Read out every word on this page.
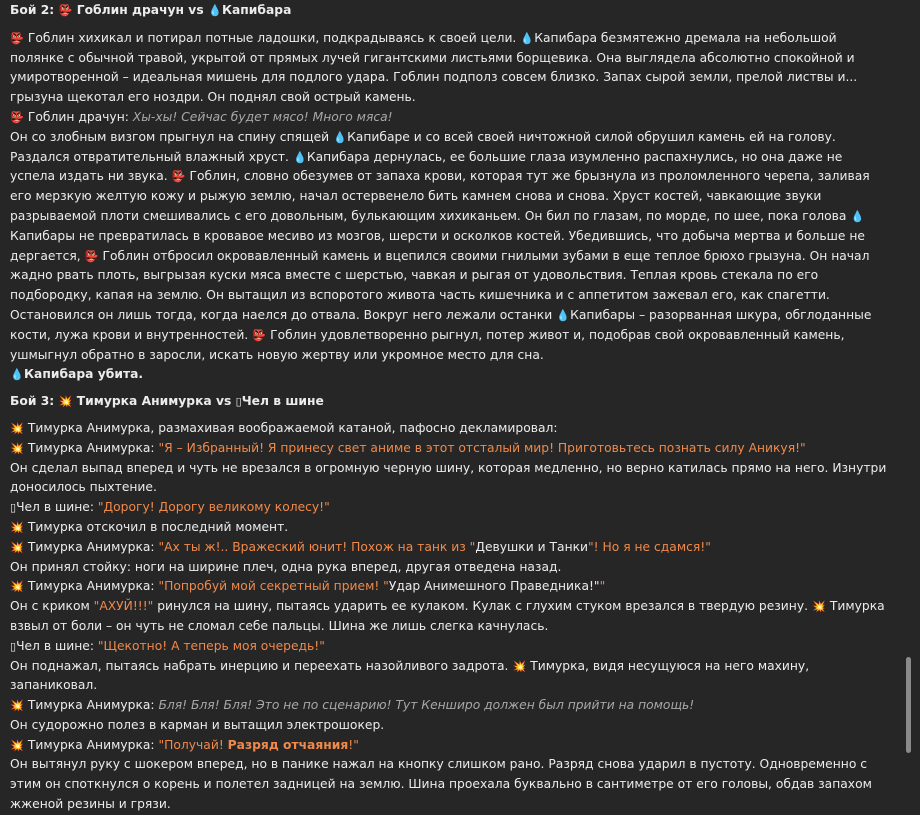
Бой 2: 👺 Гоблин драчун vs 💧Капибара

👺 Гоблин хихикал и потирал потные ладошки, подкрадываясь к своей цели. 💧Капибара безмятежно дремала на небольшой полянке с обычной травой, укрытой от прямых лучей гигантскими листьями борщевика. Она выглядела абсолютно спокойной и умиротворенной – идеальная мишень для подлого удара. Гоблин подполз совсем близко. Запах сырой земли, прелой листвы и... грызуна щекотал его ноздри. Он поднял свой острый камень.

👺 Гоблин драчун: Хы-хы! Сейчас будет мясо! Много мяса!

Он со злобным визгом прыгнул на спину спящей 💧Капибаре и со всей своей ничтожной силой обрушил камень ей на голову. Раздался отвратительный влажный хруст. 💧Капибара дернулась, ее большие глаза изумленно распахнулись, но она даже не успела издать ни звука. 👺 Гоблин, словно обезумев от запаха крови, которая тут же брызнула из проломленного черепа, заливая его мерзкую желтую кожу и рыжую землю, начал остервенело бить камнем снова и снова. Хруст костей, чавкающие звуки разрываемой плоти смешивались с его довольным, булькающим хихиканьем. Он бил по глазам, по морде, по шее, пока голова 💧Капибары не превратилась в кровавое месиво из мозгов, шерсти и осколков костей. Убедившись, что добыча мертва и больше не дергается, 👺 Гоблин отбросил окровавленный камень и вцепился своими гнилыми зубами в еще теплое брюхо грызуна. Он начал жадно рвать плоть, выгрызая куски мяса вместе с шерстью, чавкая и рыгая от удовольствия. Теплая кровь стекала по его подбородку, капая на землю. Он вытащил из вспоротого живота часть кишечника и с аппетитом зажевал его, как спагетти. Остановился он лишь тогда, когда наелся до отвала. Вокруг него лежали останки 💧Капибары – разорванная шкура, обглоданные кости, лужа крови и внутренностей. 👺 Гоблин удовлетворенно рыгнул, потер живот и, подобрав свой окровавленный камень, ушмыгнул обратно в заросли, искать новую жертву или укромное место для сна.

💧Капибара убита.

Бой 3: 💥 Тимурка Анимурка vs ▯Чел в шине

💥 Тимурка Анимурка, размахивая воображаемой катаной, пафосно декламировал:

💥 Тимурка Анимурка: "Я – Избранный! Я принесу свет аниме в этот отсталый мир! Приготовьтесь познать силу Аникуя!"

Он сделал выпад вперед и чуть не врезался в огромную черную шину, которая медленно, но верно катилась прямо на него. Изнутри доносилось пыхтение.

▯Чел в шине: "Дорогу! Дорогу великому колесу!"

💥 Тимурка отскочил в последний момент.

💥 Тимурка Анимурка: "Ах ты ж!.. Вражеский юнит! Похож на танк из "Девушки и Танки"! Но я не сдамся!"

Он принял стойку: ноги на ширине плеч, одна рука вперед, другая отведена назад.

💥 Тимурка Анимурка: "Попробуй мой секретный прием! "Удар Анимешного Праведника!""

Он с криком "АХУЙ!!!" ринулся на шину, пытаясь ударить ее кулаком. Кулак с глухим стуком врезался в твердую резину. 💥 Тимурка взвыл от боли – он чуть не сломал себе пальцы. Шина же лишь слегка качнулась.

▯Чел в шине: "Щекотно! А теперь моя очередь!"

Он поднажал, пытаясь набрать инерцию и переехать назойливого задрота. 💥 Тимурка, видя несущуюся на него махину, запаниковал.

💥 Тимурка Анимурка: Бля! Бля! Бля! Это не по сценарию! Тут Кенширо должен был прийти на помощь!

Он судорожно полез в карман и вытащил электрошокер.

💥 Тимурка Анимурка: "Получай! Разряд отчаяния!"

Он вытянул руку с шокером вперед, но в панике нажал на кнопку слишком рано. Разряд снова ударил в пустоту. Одновременно с этим он споткнулся о корень и полетел задницей на землю. Шина проехала буквально в сантиметре от его головы, обдав запахом жженой резины и грязи.
